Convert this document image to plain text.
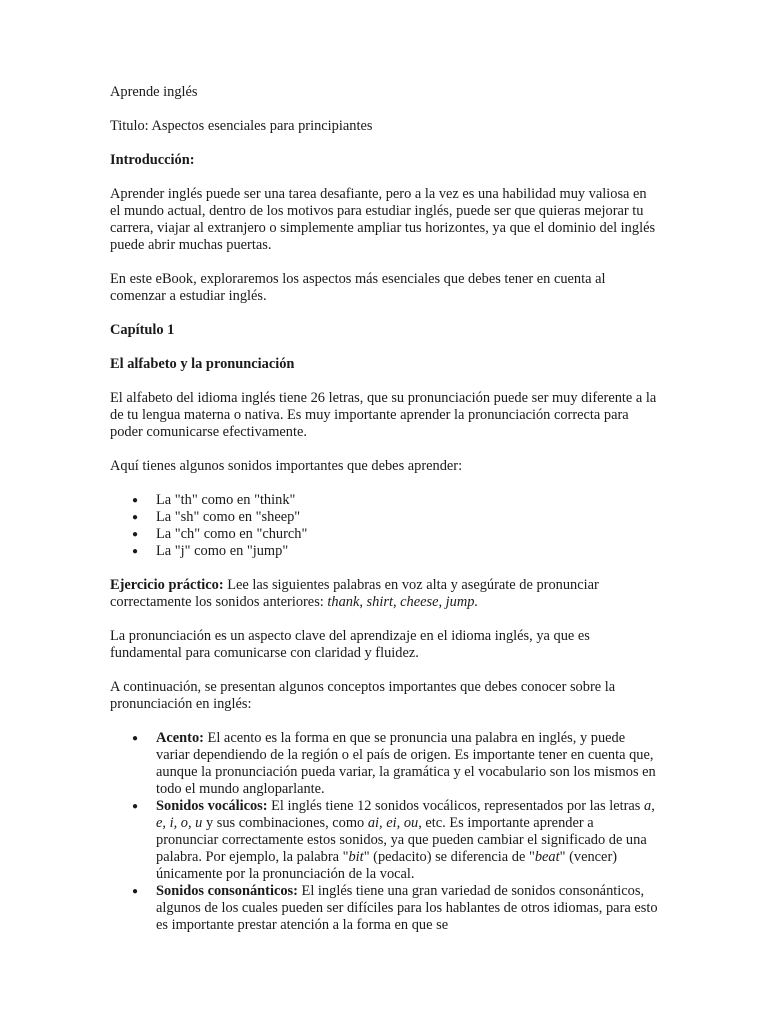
Aprende inglés

Titulo: Aspectos esenciales para principiantes

Introducción:

Aprender inglés puede ser una tarea desafiante, pero a la vez es una habilidad muy valiosa en el mundo actual, dentro de los motivos para estudiar inglés, puede ser que quieras mejorar tu carrera, viajar al extranjero o simplemente ampliar tus horizontes, ya que el dominio del inglés puede abrir muchas puertas.

En este eBook, exploraremos los aspectos más esenciales que debes tener en cuenta al comenzar a estudiar inglés.

Capítulo 1

El alfabeto y la pronunciación

El alfabeto del idioma inglés tiene 26 letras, que su pronunciación puede ser muy diferente a la de tu lengua materna o nativa. Es muy importante aprender la pronunciación correcta para poder comunicarse efectivamente.

Aquí tienes algunos sonidos importantes que debes aprender:

● La "th" como en "think"
● La "sh" como en "sheep"
● La "ch" como en "church"
● La "j" como en "jump"

Ejercicio práctico: Lee las siguientes palabras en voz alta y asegúrate de pronunciar correctamente los sonidos anteriores: thank, shirt, cheese, jump.

La pronunciación es un aspecto clave del aprendizaje en el idioma inglés, ya que es fundamental para comunicarse con claridad y fluidez.

A continuación, se presentan algunos conceptos importantes que debes conocer sobre la pronunciación en inglés:

● Acento: El acento es la forma en que se pronuncia una palabra en inglés, y puede variar dependiendo de la región o el país de origen. Es importante tener en cuenta que, aunque la pronunciación pueda variar, la gramática y el vocabulario son los mismos en todo el mundo angloparlante.
● Sonidos vocálicos: El inglés tiene 12 sonidos vocálicos, representados por las letras a, e, i, o, u y sus combinaciones, como ai, ei, ou, etc. Es importante aprender a pronunciar correctamente estos sonidos, ya que pueden cambiar el significado de una palabra. Por ejemplo, la palabra "bit" (pedacito) se diferencia de "beat" (vencer) únicamente por la pronunciación de la vocal.
● Sonidos consonánticos: El inglés tiene una gran variedad de sonidos consonánticos, algunos de los cuales pueden ser difíciles para los hablantes de otros idiomas, para esto es importante prestar atención a la forma en que se
